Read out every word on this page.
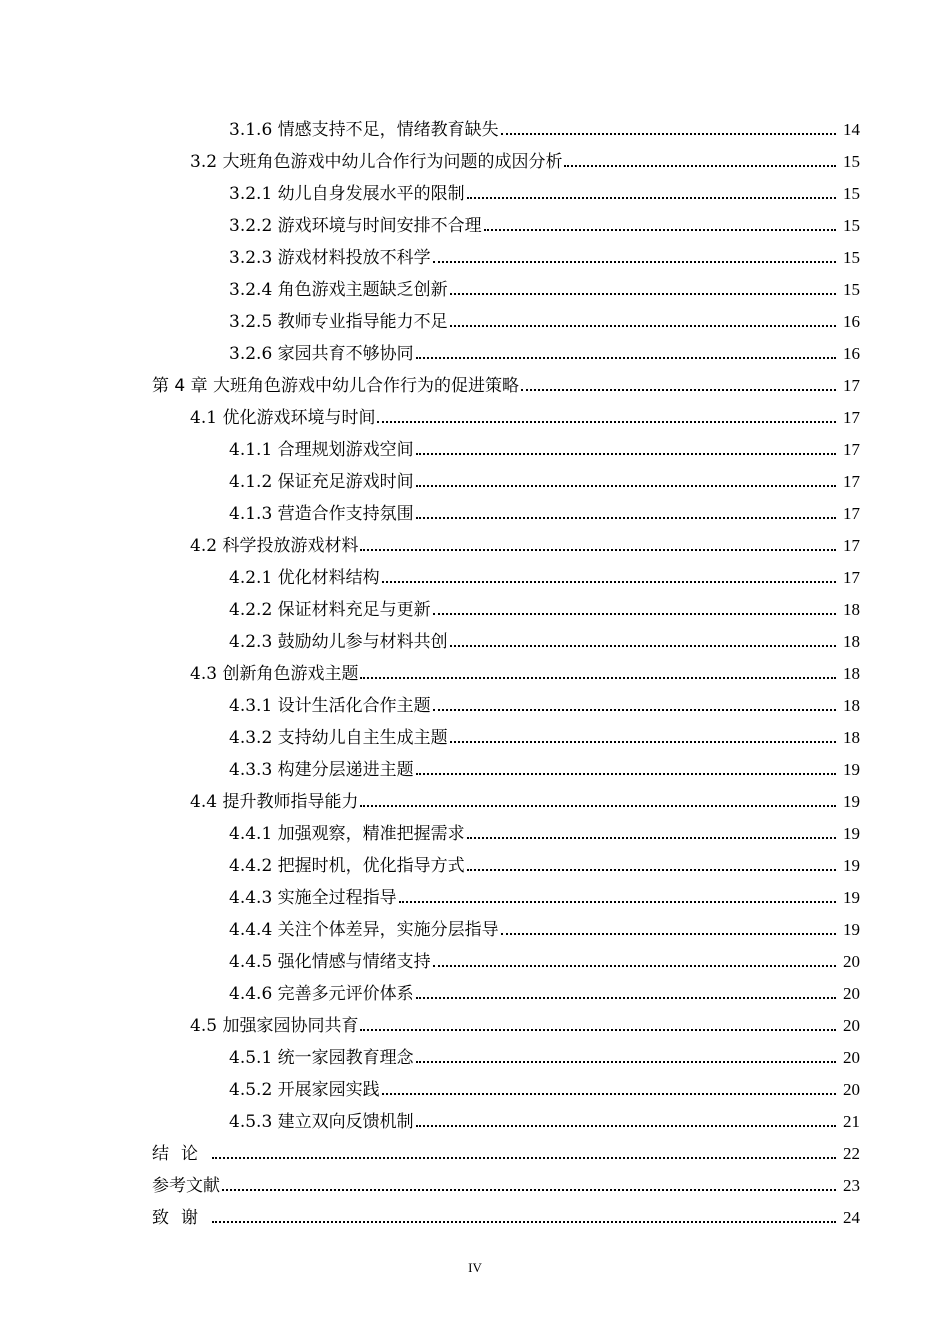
3.1.6 情感支持不足，情绪教育缺失	14
3.2 大班角色游戏中幼儿合作行为问题的成因分析	15
3.2.1 幼儿自身发展水平的限制	15
3.2.2 游戏环境与时间安排不合理	15
3.2.3 游戏材料投放不科学	15
3.2.4 角色游戏主题缺乏创新	15
3.2.5 教师专业指导能力不足	16
3.2.6 家园共育不够协同	16
第 4 章 大班角色游戏中幼儿合作行为的促进策略	17
4.1 优化游戏环境与时间	17
4.1.1 合理规划游戏空间	17
4.1.2 保证充足游戏时间	17
4.1.3 营造合作支持氛围	17
4.2 科学投放游戏材料	17
4.2.1 优化材料结构	17
4.2.2 保证材料充足与更新	18
4.2.3 鼓励幼儿参与材料共创	18
4.3 创新角色游戏主题	18
4.3.1 设计生活化合作主题	18
4.3.2 支持幼儿自主生成主题	18
4.3.3 构建分层递进主题	19
4.4 提升教师指导能力	19
4.4.1 加强观察，精准把握需求	19
4.4.2 把握时机，优化指导方式	19
4.4.3 实施全过程指导	19
4.4.4 关注个体差异，实施分层指导	19
4.4.5 强化情感与情绪支持	20
4.4.6 完善多元评价体系	20
4.5 加强家园协同共育	20
4.5.1 统一家园教育理念	20
4.5.2 开展家园实践	20
4.5.3 建立双向反馈机制	21
结论	22
参考文献	23
致谢	24
IV
